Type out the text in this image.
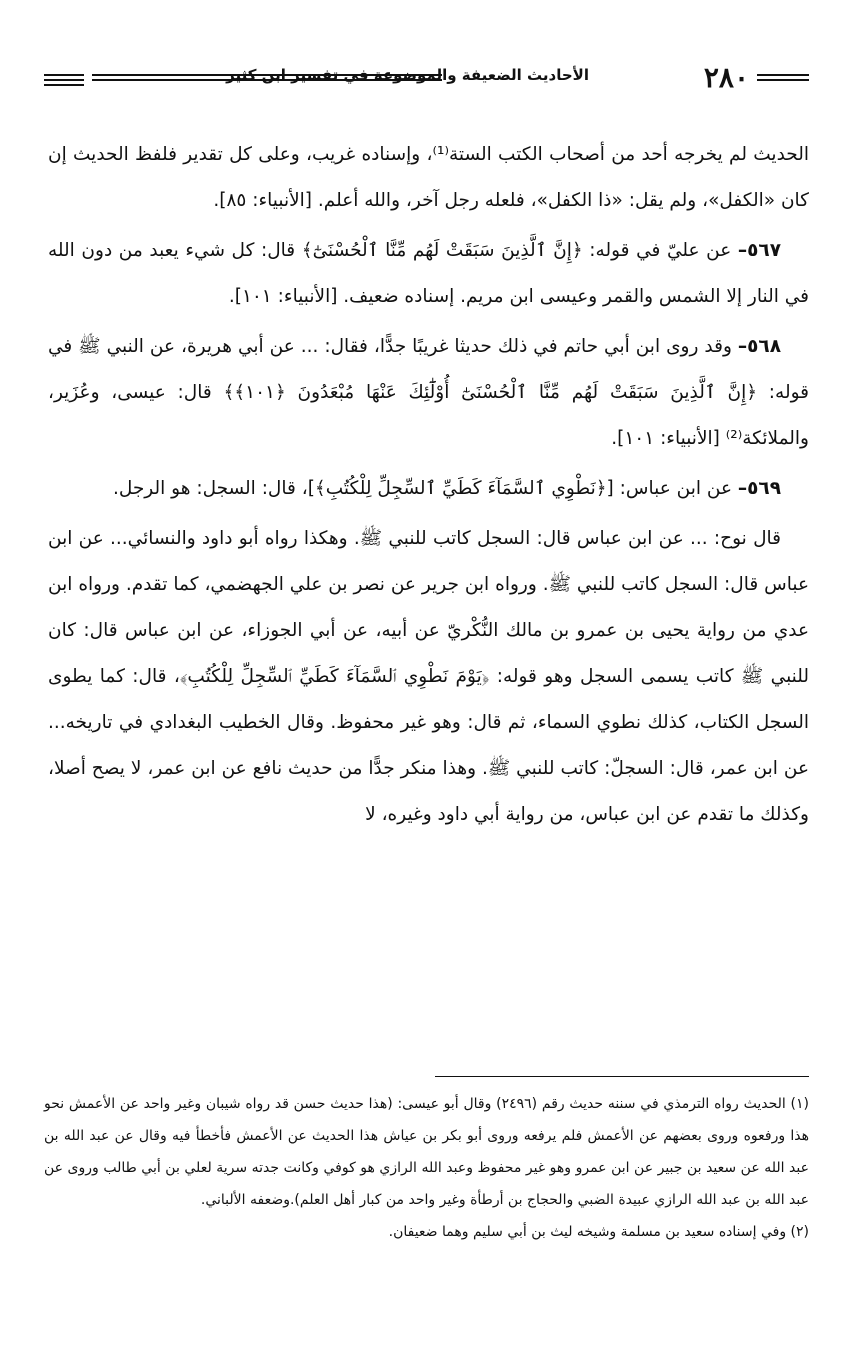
٢٨٠
الأحاديث الضعيفة والموضوعة في تفسير ابن كثير

الحديث لم يخرجه أحد من أصحاب الكتب الستة⁽¹⁾، وإسناده غريب، وعلى كل تقدير فلفظ الحديث إن كان «الكفل»، ولم يقل: «ذا الكفل»، فلعله رجل آخر، والله أعلم. [الأنبياء: ٨٥].

٥٦٧– عن عليّ في قوله: ﴿إِنَّ ٱلَّذِينَ سَبَقَتْ لَهُم مِّنَّا ٱلْحُسْنَىٰٓ﴾ قال: كل شيء يعبد من دون الله في النار إلا الشمس والقمر وعيسى ابن مريم. إسناده ضعيف. [الأنبياء: ١٠١].

٥٦٨– وقد روى ابن أبي حاتم في ذلك حديثا غريبًا جدًّا، فقال: ... عن أبي هريرة، عن النبي ﷺ في قوله: ﴿إِنَّ ٱلَّذِينَ سَبَقَتْ لَهُم مِّنَّا ٱلْحُسْنَىٰٓ أُوْلَٰٓئِكَ عَنْهَا مُبْعَدُونَ ﴿١٠١﴾﴾ قال: عيسى، وعُزَير، والملائكة⁽²⁾ [الأنبياء: ١٠١].

٥٦٩– عن ابن عباس: [﴿نَطْوِي ٱلسَّمَآءَ كَطَيِّ ٱلسِّجِلِّ لِلْكُتُبِ﴾]، قال: السجل: هو الرجل.

قال نوح: ... عن ابن عباس قال: السجل كاتب للنبي ﷺ. وهكذا رواه أبو داود والنسائي... عن ابن عباس قال: السجل كاتب للنبي ﷺ. ورواه ابن جرير عن نصر بن علي الجهضمي، كما تقدم. ورواه ابن عدي من رواية يحيى بن عمرو بن مالك النُّكْريّ عن أبيه، عن أبي الجوزاء، عن ابن عباس قال: كان للنبي ﷺ كاتب يسمى السجل وهو قوله: ﴿يَوْمَ نَطْوِي ٱلسَّمَآءَ كَطَيِّ ٱلسِّجِلِّ لِلْكُتُبِ﴾، قال: كما يطوى السجل الكتاب، كذلك نطوي السماء، ثم قال: وهو غير محفوظ. وقال الخطيب البغدادي في تاريخه... عن ابن عمر، قال: السجلّ: كاتب للنبي ﷺ. وهذا منكر جدًّا من حديث نافع عن ابن عمر، لا يصح أصلا، وكذلك ما تقدم عن ابن عباس، من رواية أبي داود وغيره، لا

(١) الحديث رواه الترمذي في سننه حديث رقم (٢٤٩٦) وقال أبو عيسى: (هذا حديث حسن قد رواه شيبان وغير واحد عن الأعمش نحو هذا ورفعوه وروى بعضهم عن الأعمش فلم يرفعه وروى أبو بكر بن عياش هذا الحديث عن الأعمش فأخطأ فيه وقال عن عبد الله بن عبد الله عن سعيد بن جبير عن ابن عمرو وهو غير محفوظ وعبد الله الرازي هو كوفي وكانت جدته سرية لعلي بن أبي طالب وروى عن عبد الله بن عبد الله الرازي عبيدة الضبي والحجاج بن أرطأة وغير واحد من كبار أهل العلم).وضعفه الألباني.

(٢) وفي إسناده سعيد بن مسلمة وشيخه ليث بن أبي سليم وهما ضعيفان.
